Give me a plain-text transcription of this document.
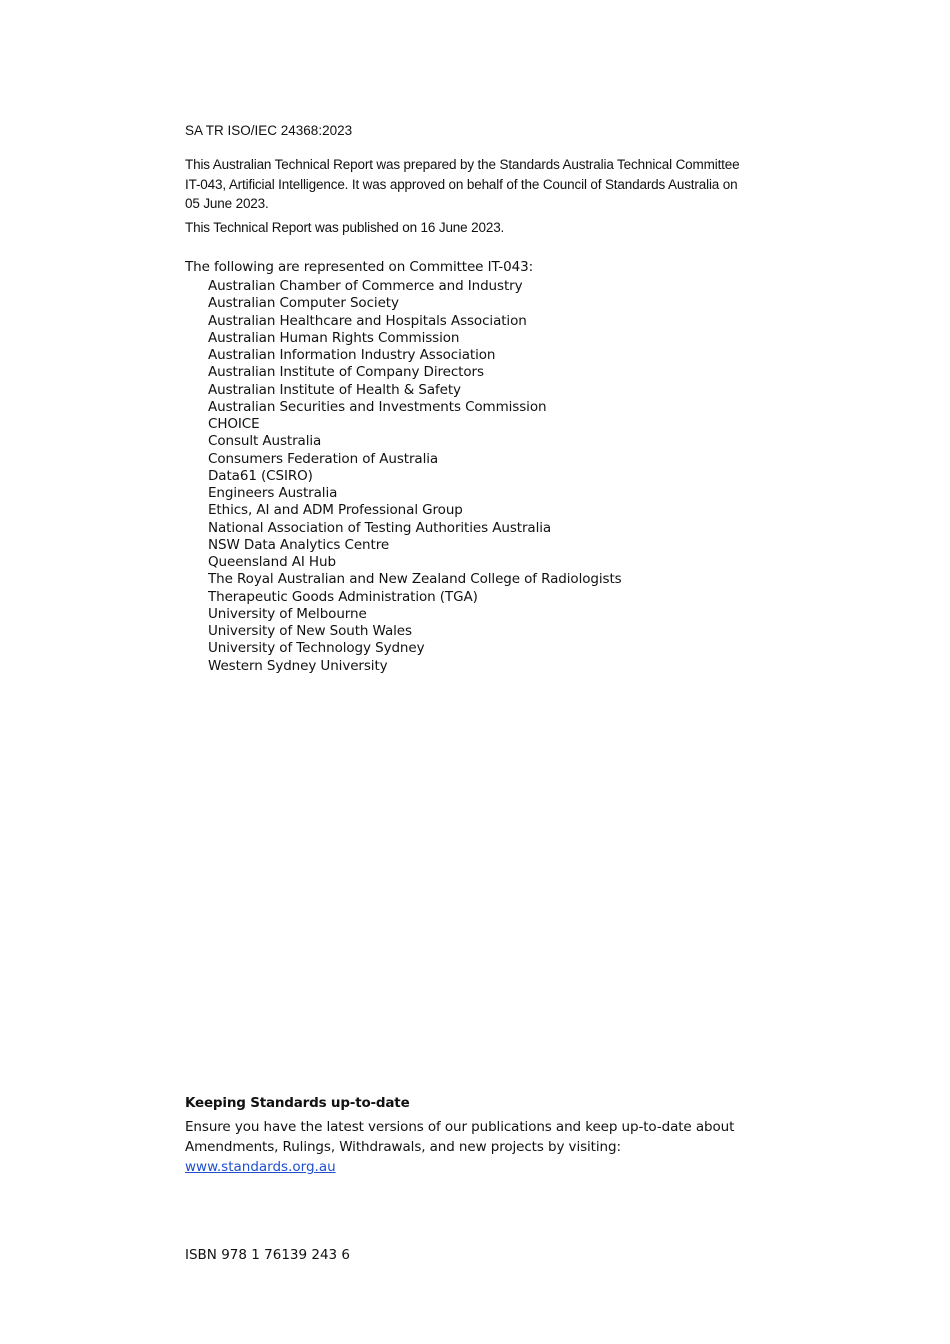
SA TR ISO/IEC 24368:2023

This Australian Technical Report was prepared by the Standards Australia Technical Committee IT-043, Artificial Intelligence. It was approved on behalf of the Council of Standards Australia on 05 June 2023.

This Technical Report was published on 16 June 2023.

The following are represented on Committee IT-043:

Australian Chamber of Commerce and Industry
Australian Computer Society
Australian Healthcare and Hospitals Association
Australian Human Rights Commission
Australian Information Industry Association
Australian Institute of Company Directors
Australian Institute of Health & Safety
Australian Securities and Investments Commission
CHOICE
Consult Australia
Consumers Federation of Australia
Data61 (CSIRO)
Engineers Australia
Ethics, AI and ADM Professional Group
National Association of Testing Authorities Australia
NSW Data Analytics Centre
Queensland AI Hub
The Royal Australian and New Zealand College of Radiologists
Therapeutic Goods Administration (TGA)
University of Melbourne
University of New South Wales
University of Technology Sydney
Western Sydney University

Keeping Standards up-to-date

Ensure you have the latest versions of our publications and keep up-to-date about Amendments, Rulings, Withdrawals, and new projects by visiting:

www.standards.org.au

ISBN 978 1 76139 243 6
